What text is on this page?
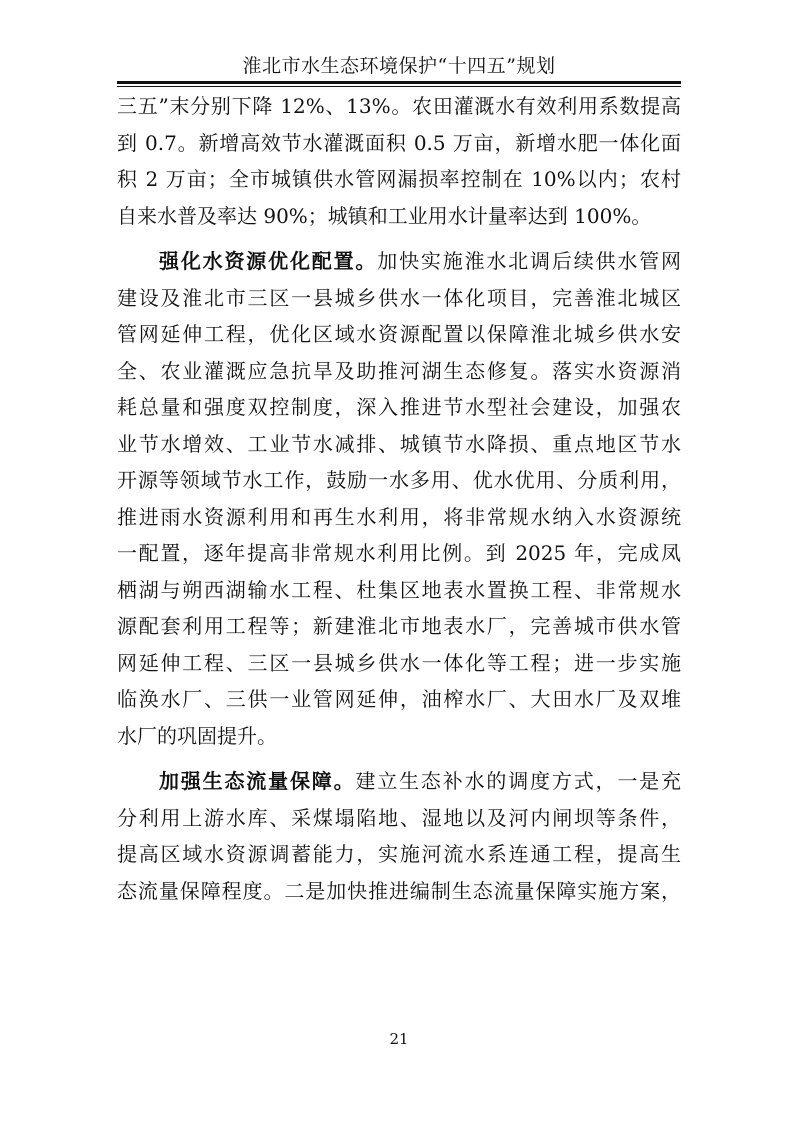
淮北市水生态环境保护“十四五”规划
三五”末分别下降 12%、13%。农田灌溉水有效利用系数提高
到 0.7。新增高效节水灌溉面积 0.5 万亩，新增水肥一体化面
积 2 万亩；全市城镇供水管网漏损率控制在 10%以内；农村
自来水普及率达 90%；城镇和工业用水计量率达到 100%。
强化水资源优化配置。加快实施淮水北调后续供水管网
建设及淮北市三区一县城乡供水一体化项目，完善淮北城区
管网延伸工程，优化区域水资源配置以保障淮北城乡供水安
全、农业灌溉应急抗旱及助推河湖生态修复。落实水资源消
耗总量和强度双控制度，深入推进节水型社会建设，加强农
业节水增效、工业节水减排、城镇节水降损、重点地区节水
开源等领域节水工作，鼓励一水多用、优水优用、分质利用，
推进雨水资源利用和再生水利用，将非常规水纳入水资源统
一配置，逐年提高非常规水利用比例。到 2025 年，完成凤
栖湖与朔西湖输水工程、杜集区地表水置换工程、非常规水
源配套利用工程等；新建淮北市地表水厂，完善城市供水管
网延伸工程、三区一县城乡供水一体化等工程；进一步实施
临涣水厂、三供一业管网延伸，油榨水厂、大田水厂及双堆
水厂的巩固提升。
加强生态流量保障。建立生态补水的调度方式，一是充
分利用上游水库、采煤塌陷地、湿地以及河内闸坝等条件，
提高区域水资源调蓄能力，实施河流水系连通工程，提高生
态流量保障程度。二是加快推进编制生态流量保障实施方案，
21
